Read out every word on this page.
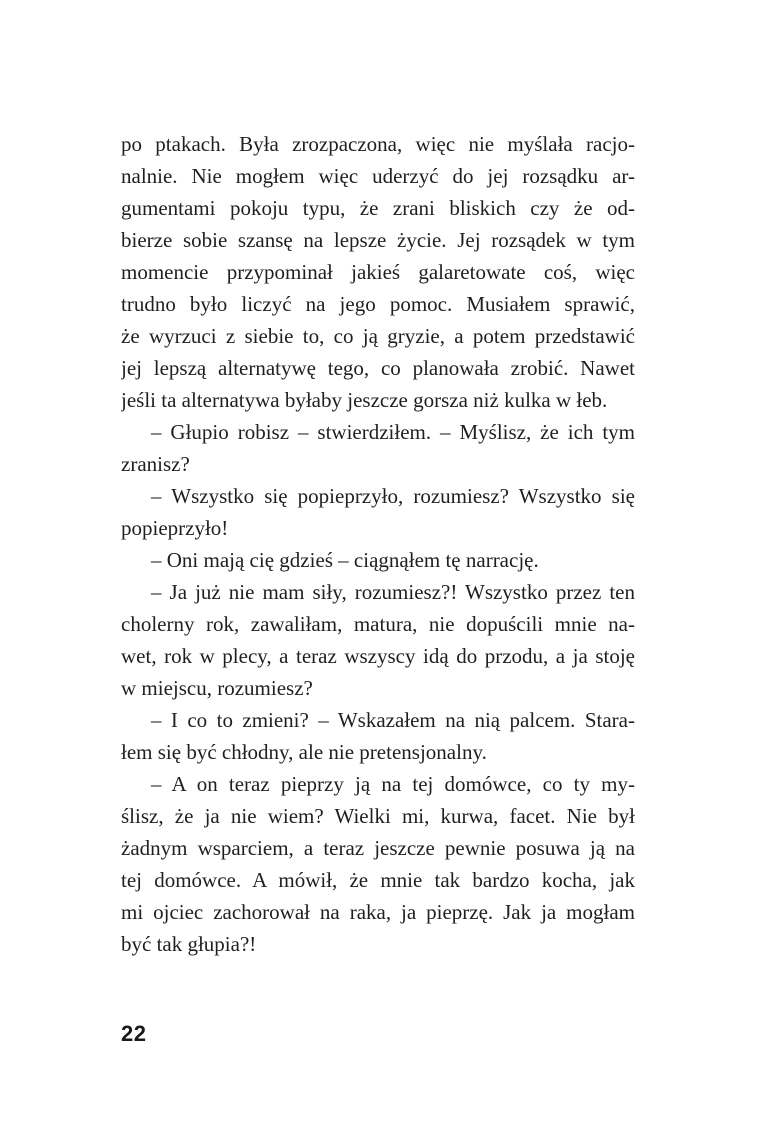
po ptakach. Była zrozpaczona, więc nie myślała racjo-
nalnie. Nie mogłem więc uderzyć do jej rozsądku ar-
gumentami pokoju typu, że zrani bliskich czy że od-
bierze sobie szansę na lepsze życie. Jej rozsądek w tym
momencie przypominał jakieś galaretowate coś, więc
trudno było liczyć na jego pomoc. Musiałem sprawić,
że wyrzuci z siebie to, co ją gryzie, a potem przedstawić
jej lepszą alternatywę tego, co planowała zrobić. Nawet
jeśli ta alternatywa byłaby jeszcze gorsza niż kulka w łeb.

– Głupio robisz – stwierdziłem. – Myślisz, że ich tym
zranisz?

– Wszystko się popieprzyło, rozumiesz? Wszystko się
popieprzyło!

– Oni mają cię gdzieś – ciągnąłem tę narrację.

– Ja już nie mam siły, rozumiesz?! Wszystko przez ten
cholerny rok, zawaliłam, matura, nie dopuścili mnie na-
wet, rok w plecy, a teraz wszyscy idą do przodu, a ja stoję
w miejscu, rozumiesz?

– I co to zmieni? – Wskazałem na nią palcem. Stara-
łem się być chłodny, ale nie pretensjonalny.

– A on teraz pieprzy ją na tej domówce, co ty my-
ślisz, że ja nie wiem? Wielki mi, kurwa, facet. Nie był
żadnym wsparciem, a teraz jeszcze pewnie posuwa ją na
tej domówce. A mówił, że mnie tak bardzo kocha, jak
mi ojciec zachorował na raka, ja pieprzę. Jak ja mogłam
być tak głupia?!

22
